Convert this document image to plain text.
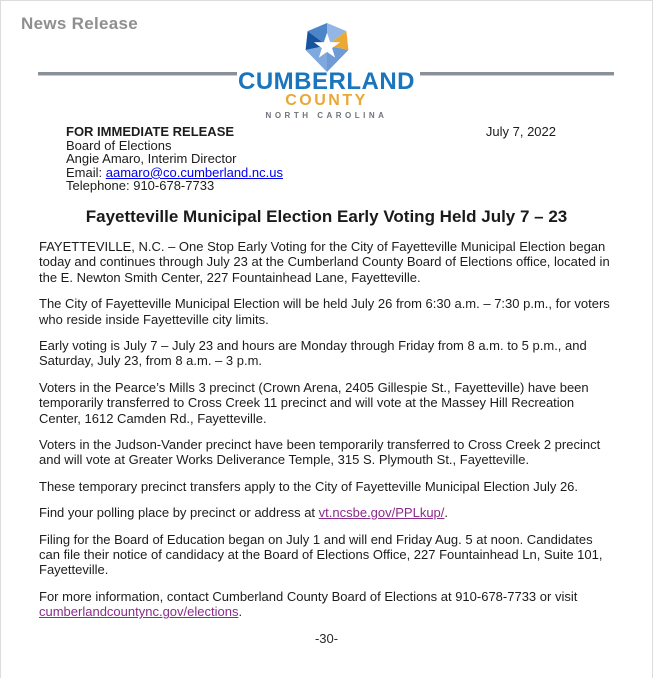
News Release
CUMBERLAND
COUNTY
NORTH CAROLINA
FOR IMMEDIATE RELEASE
Board of Elections
Angie Amaro, Interim Director
Email: aamaro@co.cumberland.nc.us
Telephone: 910-678-7733
July 7, 2022
Fayetteville Municipal Election Early Voting Held July 7 – 23

FAYETTEVILLE, N.C. – One Stop Early Voting for the City of Fayetteville Municipal Election began today and continues through July 23 at the Cumberland County Board of Elections office, located in the E. Newton Smith Center, 227 Fountainhead Lane, Fayetteville.

The City of Fayetteville Municipal Election will be held July 26 from 6:30 a.m. – 7:30 p.m., for voters who reside inside Fayetteville city limits.

Early voting is July 7 – July 23 and hours are Monday through Friday from 8 a.m. to 5 p.m., and Saturday, July 23, from 8 a.m. – 3 p.m.

Voters in the Pearce’s Mills 3 precinct (Crown Arena, 2405 Gillespie St., Fayetteville) have been temporarily transferred to Cross Creek 11 precinct and will vote at the Massey Hill Recreation Center, 1612 Camden Rd., Fayetteville.

Voters in the Judson-Vander precinct have been temporarily transferred to Cross Creek 2 precinct and will vote at Greater Works Deliverance Temple, 315 S. Plymouth St., Fayetteville.

These temporary precinct transfers apply to the City of Fayetteville Municipal Election July 26.

Find your polling place by precinct or address at vt.ncsbe.gov/PPLkup/.

Filing for the Board of Education began on July 1 and will end Friday Aug. 5 at noon. Candidates can file their notice of candidacy at the Board of Elections Office, 227 Fountainhead Ln, Suite 101, Fayetteville.

For more information, contact Cumberland County Board of Elections at 910-678-7733 or visit cumberlandcountync.gov/elections.

-30-
